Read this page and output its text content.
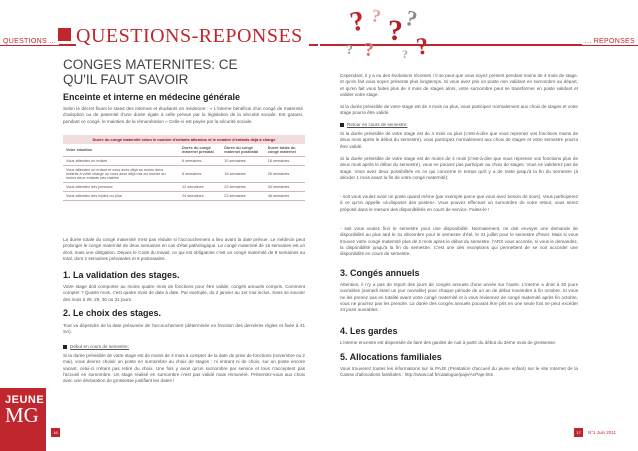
QUESTIONS ...	... REPONSES
QUESTIONS-REPONSES ? ? ? ?
? ?
?	?
CONGES MATERNITES: CE QU'IL FAUT SAVOIR
Enceinte et interne en médecine générale
Selon le décret fixant le statut des Internes et étudiants en médecine : « L'interne bénéficie d'un congé de maternité d'adoption ou de paternité d'une durée égale à celle prévue par la législation de la sécurité sociale. Est garanti, pendant ce congé, le maintien de la rémunération » Celle-ci est payée par la sécurité sociale.
Durée du congé maternité selon le nombre d'enfants attendus et le nombre d'enfants déjà à charge
Votre situation	Durée du congé maternel prénatal	Durée du congé maternel postnatal	Durée totale du congé maternel
Vous attendez un enfant	6 semaines	10 semaines	16 semaines
Vous attendez un enfant et vous avez déjà au moins deux enfants à votre charge ou vous avez déjà mis au monde au moins deux enfants nés viables	8 semaines	18 semaines	26 semaines
Vous attendez des jumeaux	12 semaines	22 semaines	34 semaines
Vous attendez des triplés ou plus	24 semaines	22 semaines	46 semaines
La durée totale du congé maternité n'est pas réduite si l'accouchement a lieu avant la date prévue. Le médecin peut prolonger le congé maternité de deux semaines en cas d'état pathologique. Le congé maternité de 16 semaines est un droit, mais une obligation. Depuis le Code du travail, ce qui est obligatoire c'est un congé maternité de 8 semaines au total, dont 2 semaines prénatales et 6 postnatales.
1. La validation des stages.
Votre stage doit comporter au moins quatre mois de fonctions pour être validé, congés annuels compris. Comment compter ? Quatre mois, c'est quatre mois de date à date. Par exemple, du 2 janvier au 1er mai inclus. Sans se soucier des mois à 28, 29, 30 ou 31 jours.
2. Le choix des stages.
Tout va dépendre de la date présumée de l'accouchement (déterminée en fonction des dernières règles et fixée à 41 SA).
Début en cours de semestre:
Si la durée prévisible de votre stage est de moins de 4 mois à compter de la date de prise de fonctions (novembre ou 2 mai), vous devrez choisir un poste en surnombre au choix de stages : ni entrant ni de choix, sur un poste encore vacant, celui-ci n'étant pas retiré du choix. Une fois y avoir qu'un surnombre par service et tous n'acceptent pas l'accueil en surnombre. Un stage réalisé en surnombre n'est pas validé mais rémunéré. Présentez-vous aux choix avec une déclaration de grossesse justifiant les dates !
Cependant, il y a eu des évolutions récentes ! Il se peut que vous soyez présent pendant moins de 4 mois de stage, et qu'en fait vous soyez présente plus longtemps. Si vous avez pris un poste non validant en surnombre au départ, et qu'en fait vous faites plus de 4 mois de stages alors, votre surnombre peut se transformer en poste validant et valider votre stage.
Si la durée prévisible de votre stage est de 4 mois ou plus, vous participez normalement aux choix de stages et votre stage pourra être validé.
Retour en cours de semestre:
Si la durée prévisible de votre stage est de 4 mois ou plus (c'est-à-dire que vous reprenez vos fonctions moins de deux mois après le début du semestre), vous participez normalement aux choix de stages et votre semestre pourra être validé.
Si la durée prévisible de votre stage est de moins de 4 mois (c'est-à-dire que vous reprenez vos fonctions plus de deux mois après le début du semestre), vous ne pouvez pas participer au choix de stages. Vous ne validerez pas de stage. Vous avez deux possibilités en ce qui concerne le temps qu'il y a de reste jusqu'à la fin du semestre (à décider 1 mois avant la fin de votre congé maternité):
- soit vous voulez avoir un poste quand même (par exemple parce que vous avez besoin de sous). Vous participerez à ce qu'on appelle «à-disposer des postes». Vous pouvez effectuer un surnombre de votre retour, vous serez préposé dans le mesure des disponibilités en cours de service. Faites-le !
- soit vous voulez finir le semestre pour une disponibilité. Normalement, on doit envoyer une demande de disponibilité au plus tard le 31 décembre pour le semestre d'été, le 31 juillet pour le semestre d'hiver. Mais si vous trouvez votre congé maternité plus de 2 mois après le début du semestre, l'ARS vous accorde, si vous le demandez, la disponibilité jusqu'à la fin du semestre. C'est une des exceptions qui permettent de se voir accorder une disponibilité en cours de semestre.
3. Congés annuels
Attention, il n'y a pas de report des jours de congés annuels d'une année sur l'autre. L'interne a droit à 30 jours ouvrables (samedi étant un jour ouvrable) pour chaque période de un an de début novembre à fin octobre. Si vous ne les prenez pas en totalité avant votre congé maternité et à vous reviennez de congé maternité après fin octobre, vous ne pourrez pas les prendre. La durée des congés annuels pouvant être pris en une seule fois ne peut excéder 24 jours ouvrables.
4. Les gardes
L'interne enceinte est dispensée de faire des gardes de nuit à partir du début du 3ème mois de grossesse.
5. Allocations familiales
Vous trouverez toutes les informations sur la PAJE (Prestation d'accueil du jeune enfant) sur le site Internet de la Caisse d'allocations familiales : http://www.caf.fr/catalogue/paje/AcPaje.htm
JEUNE
MG
16	17	N°1 Juin 2011
